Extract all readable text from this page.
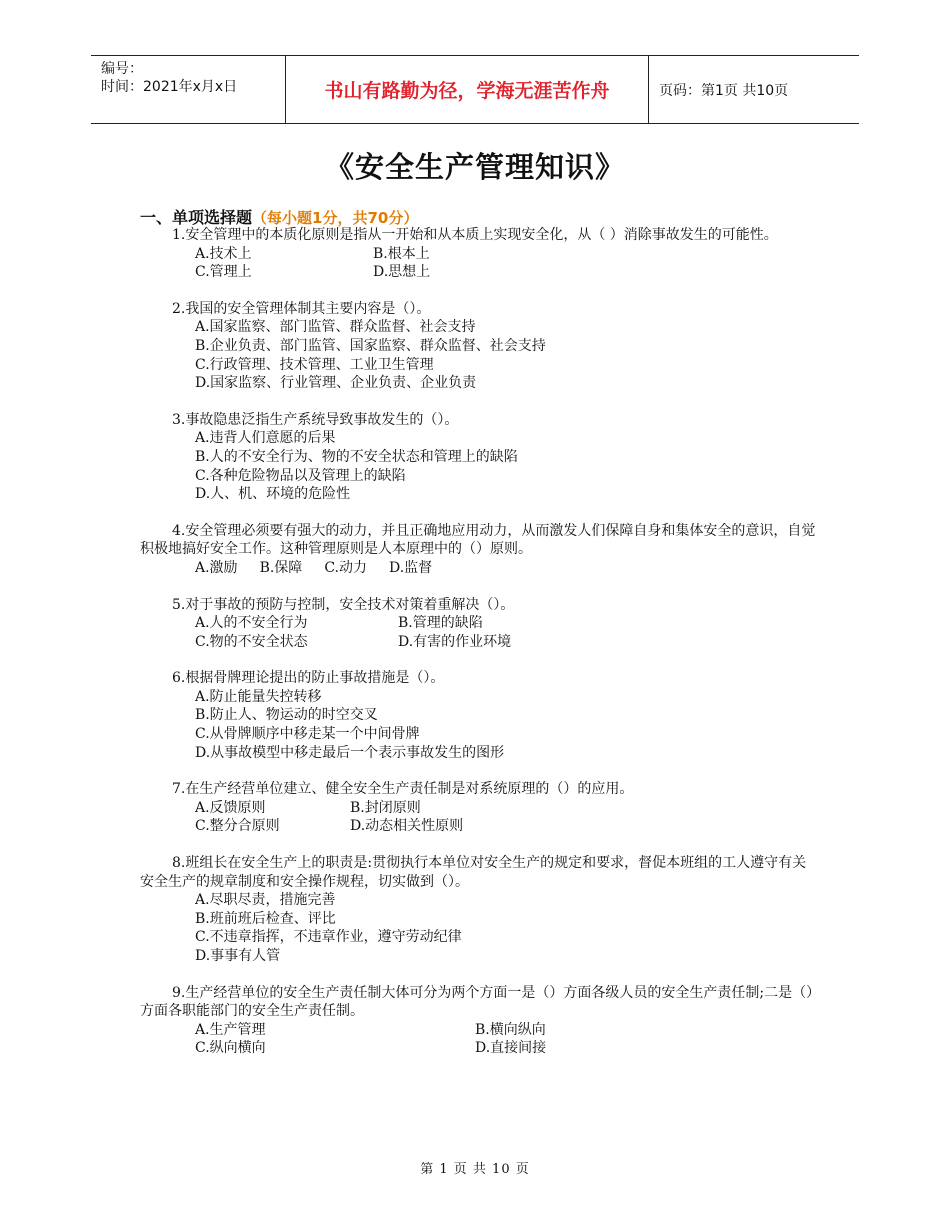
编号：
时间：2021年x月x日	书山有路勤为径，学海无涯苦作舟	页码：第1页 共10页
《安全生产管理知识》
一、单项选择题（每小题1分，共70分）

1.安全管理中的本质化原则是指从一开始和从本质上实现安全化，从（ ）消除事故发生的可能性。

A.技术上	B.根本上
C.管理上	D.思想上

2.我国的安全管理体制其主要内容是（）。

A.国家监察、部门监管、群众监督、社会支持
B.企业负责、部门监管、国家监察、群众监督、社会支持
C.行政管理、技术管理、工业卫生管理
D.国家监察、行业管理、企业负责、企业负责

3.事故隐患泛指生产系统导致事故发生的（）。

A.违背人们意愿的后果
B.人的不安全行为、物的不安全状态和管理上的缺陷
C.各种危险物品以及管理上的缺陷
D.人、机、环境的危险性

4.安全管理必须要有强大的动力，并且正确地应用动力，从而激发人们保障自身和集体安全的意识，自觉积极地搞好安全工作。这种管理原则是人本原理中的（）原则。

A.激励 B.保障 C.动力 D.监督

5.对于事故的预防与控制，安全技术对策着重解决（）。

A.人的不安全行为	B.管理的缺陷
C.物的不安全状态	D.有害的作业环境

6.根据骨牌理论提出的防止事故措施是（）。

A.防止能量失控转移
B.防止人、物运动的时空交叉
C.从骨牌顺序中移走某一个中间骨牌
D.从事故模型中移走最后一个表示事故发生的图形

7.在生产经营单位建立、健全安全生产责任制是对系统原理的（）的应用。

A.反馈原则	B.封闭原则
C.整分合原则	D.动态相关性原则

8.班组长在安全生产上的职责是:贯彻执行本单位对安全生产的规定和要求，督促本班组的工人遵守有关安全生产的规章制度和安全操作规程，切实做到（）。

A.尽职尽责，措施完善
B.班前班后检查、评比
C.不违章指挥，不违章作业，遵守劳动纪律
D.事事有人管

9.生产经营单位的安全生产责任制大体可分为两个方面一是（）方面各级人员的安全生产责任制;二是（）方面各职能部门的安全生产责任制。

A.生产管理	B.横向纵向
C.纵向横向	D.直接间接
第 1 页 共 10 页
